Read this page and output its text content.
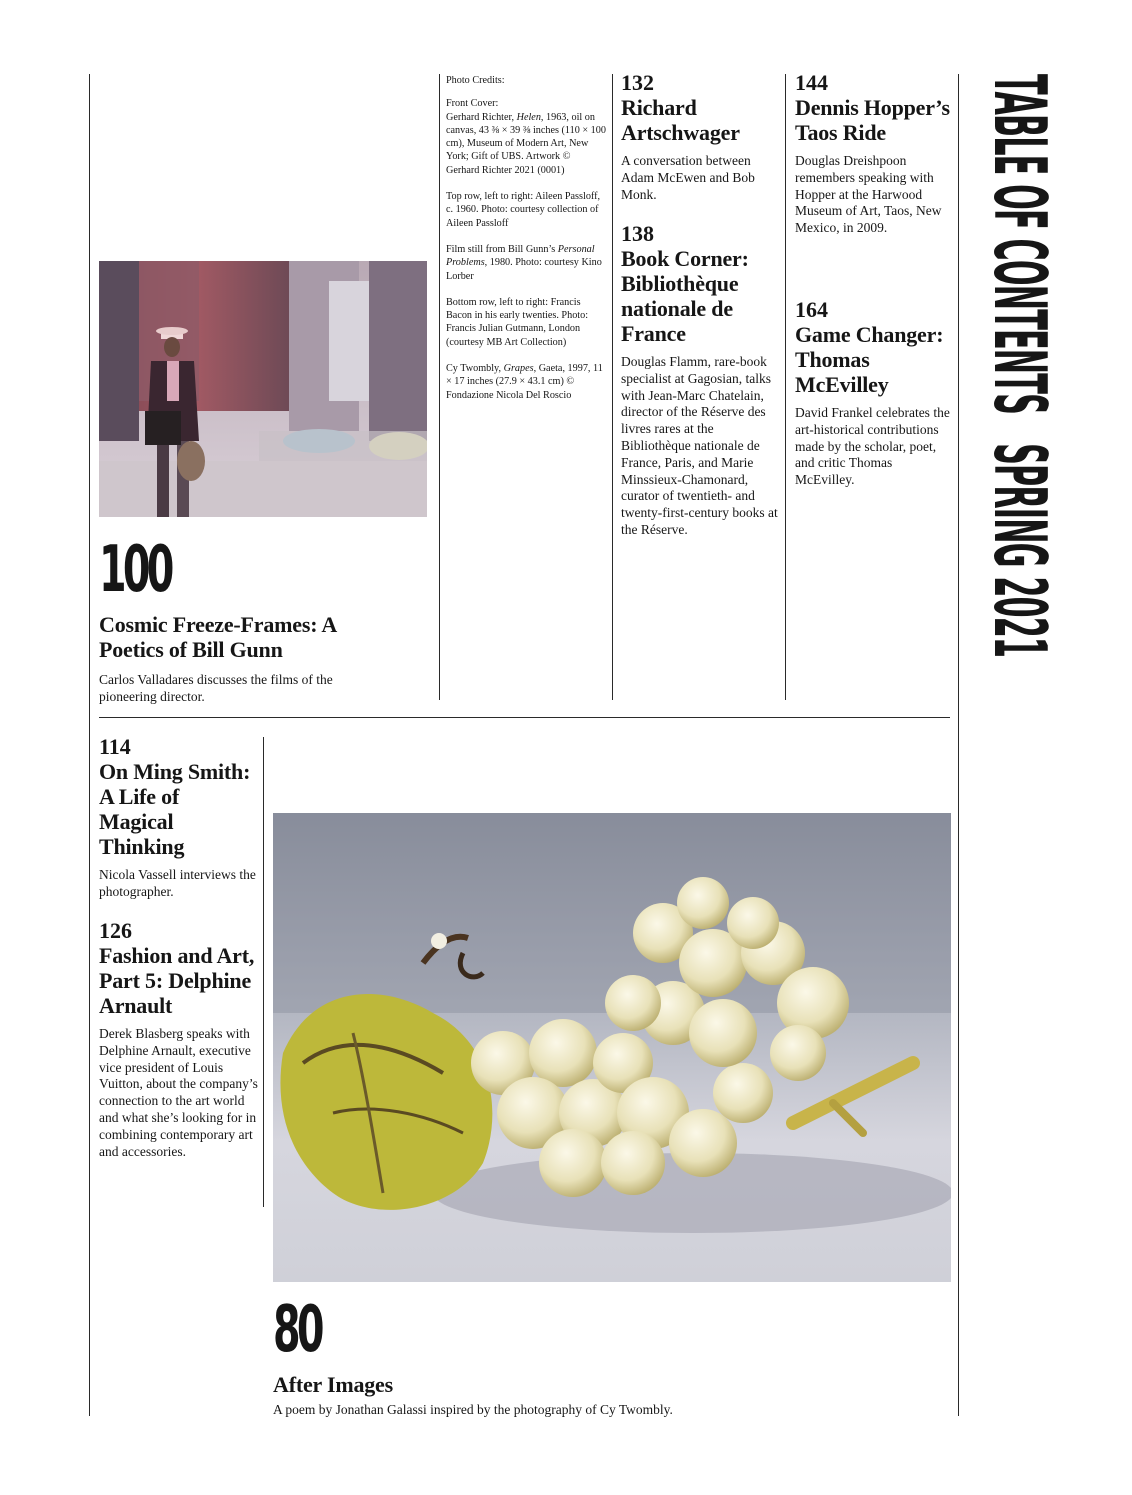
100
Cosmic Freeze-Frames: A Poetics of Bill Gunn
Carlos Valladares discusses the films of the pioneering director.

Photo Credits:

Front Cover:
Gerhard Richter, Helen, 1963, oil on canvas, 43 ⅜ × 39 ⅜ inches (110 × 100 cm), Museum of Modern Art, New York; Gift of UBS. Artwork © Gerhard Richter 2021 (0001)

Top row, left to right: Aileen Passloff, c. 1960. Photo: courtesy collection of Aileen Passloff

Film still from Bill Gunn’s Personal Problems, 1980. Photo: courtesy Kino Lorber

Bottom row, left to right: Francis Bacon in his early twenties. Photo: Francis Julian Gutmann, London (courtesy MB Art Collection)

Cy Twombly, Grapes, Gaeta, 1997, 11 × 17 inches (27.9 × 43.1 cm) © Fondazione Nicola Del Roscio

132
Richard Artschwager
A conversation between Adam McEwen and Bob Monk.
138
Book Corner: Bibliothèque nationale de France
Douglas Flamm, rare-book specialist at Gagosian, talks with Jean-Marc Chatelain, director of the Réserve des livres rares at the Bibliothèque nationale de France, Paris, and Marie Minssieux-Chamonard, curator of twentieth- and twenty-first-century books at the Réserve.
144
Dennis Hopper’s Taos Ride
Douglas Dreishpoon remembers speaking with Hopper at the Harwood Museum of Art, Taos, New Mexico, in 2009.
164
Game Changer: Thomas McEvilley
David Frankel celebrates the art-historical contributions made by the scholar, poet, and critic Thomas McEvilley.
114
On Ming Smith: A Life of Magical Thinking
Nicola Vassell interviews the photographer.
126
Fashion and Art, Part 5: Delphine Arnault
Derek Blasberg speaks with Delphine Arnault, executive vice president of Louis Vuitton, about the company’s connection to the art world and what she’s looking for in combining contemporary art and accessories.
80
After Images
A poem by Jonathan Galassi inspired by the photography of Cy Twombly.
TABLE OF CONTENTS   SPRING 2021
